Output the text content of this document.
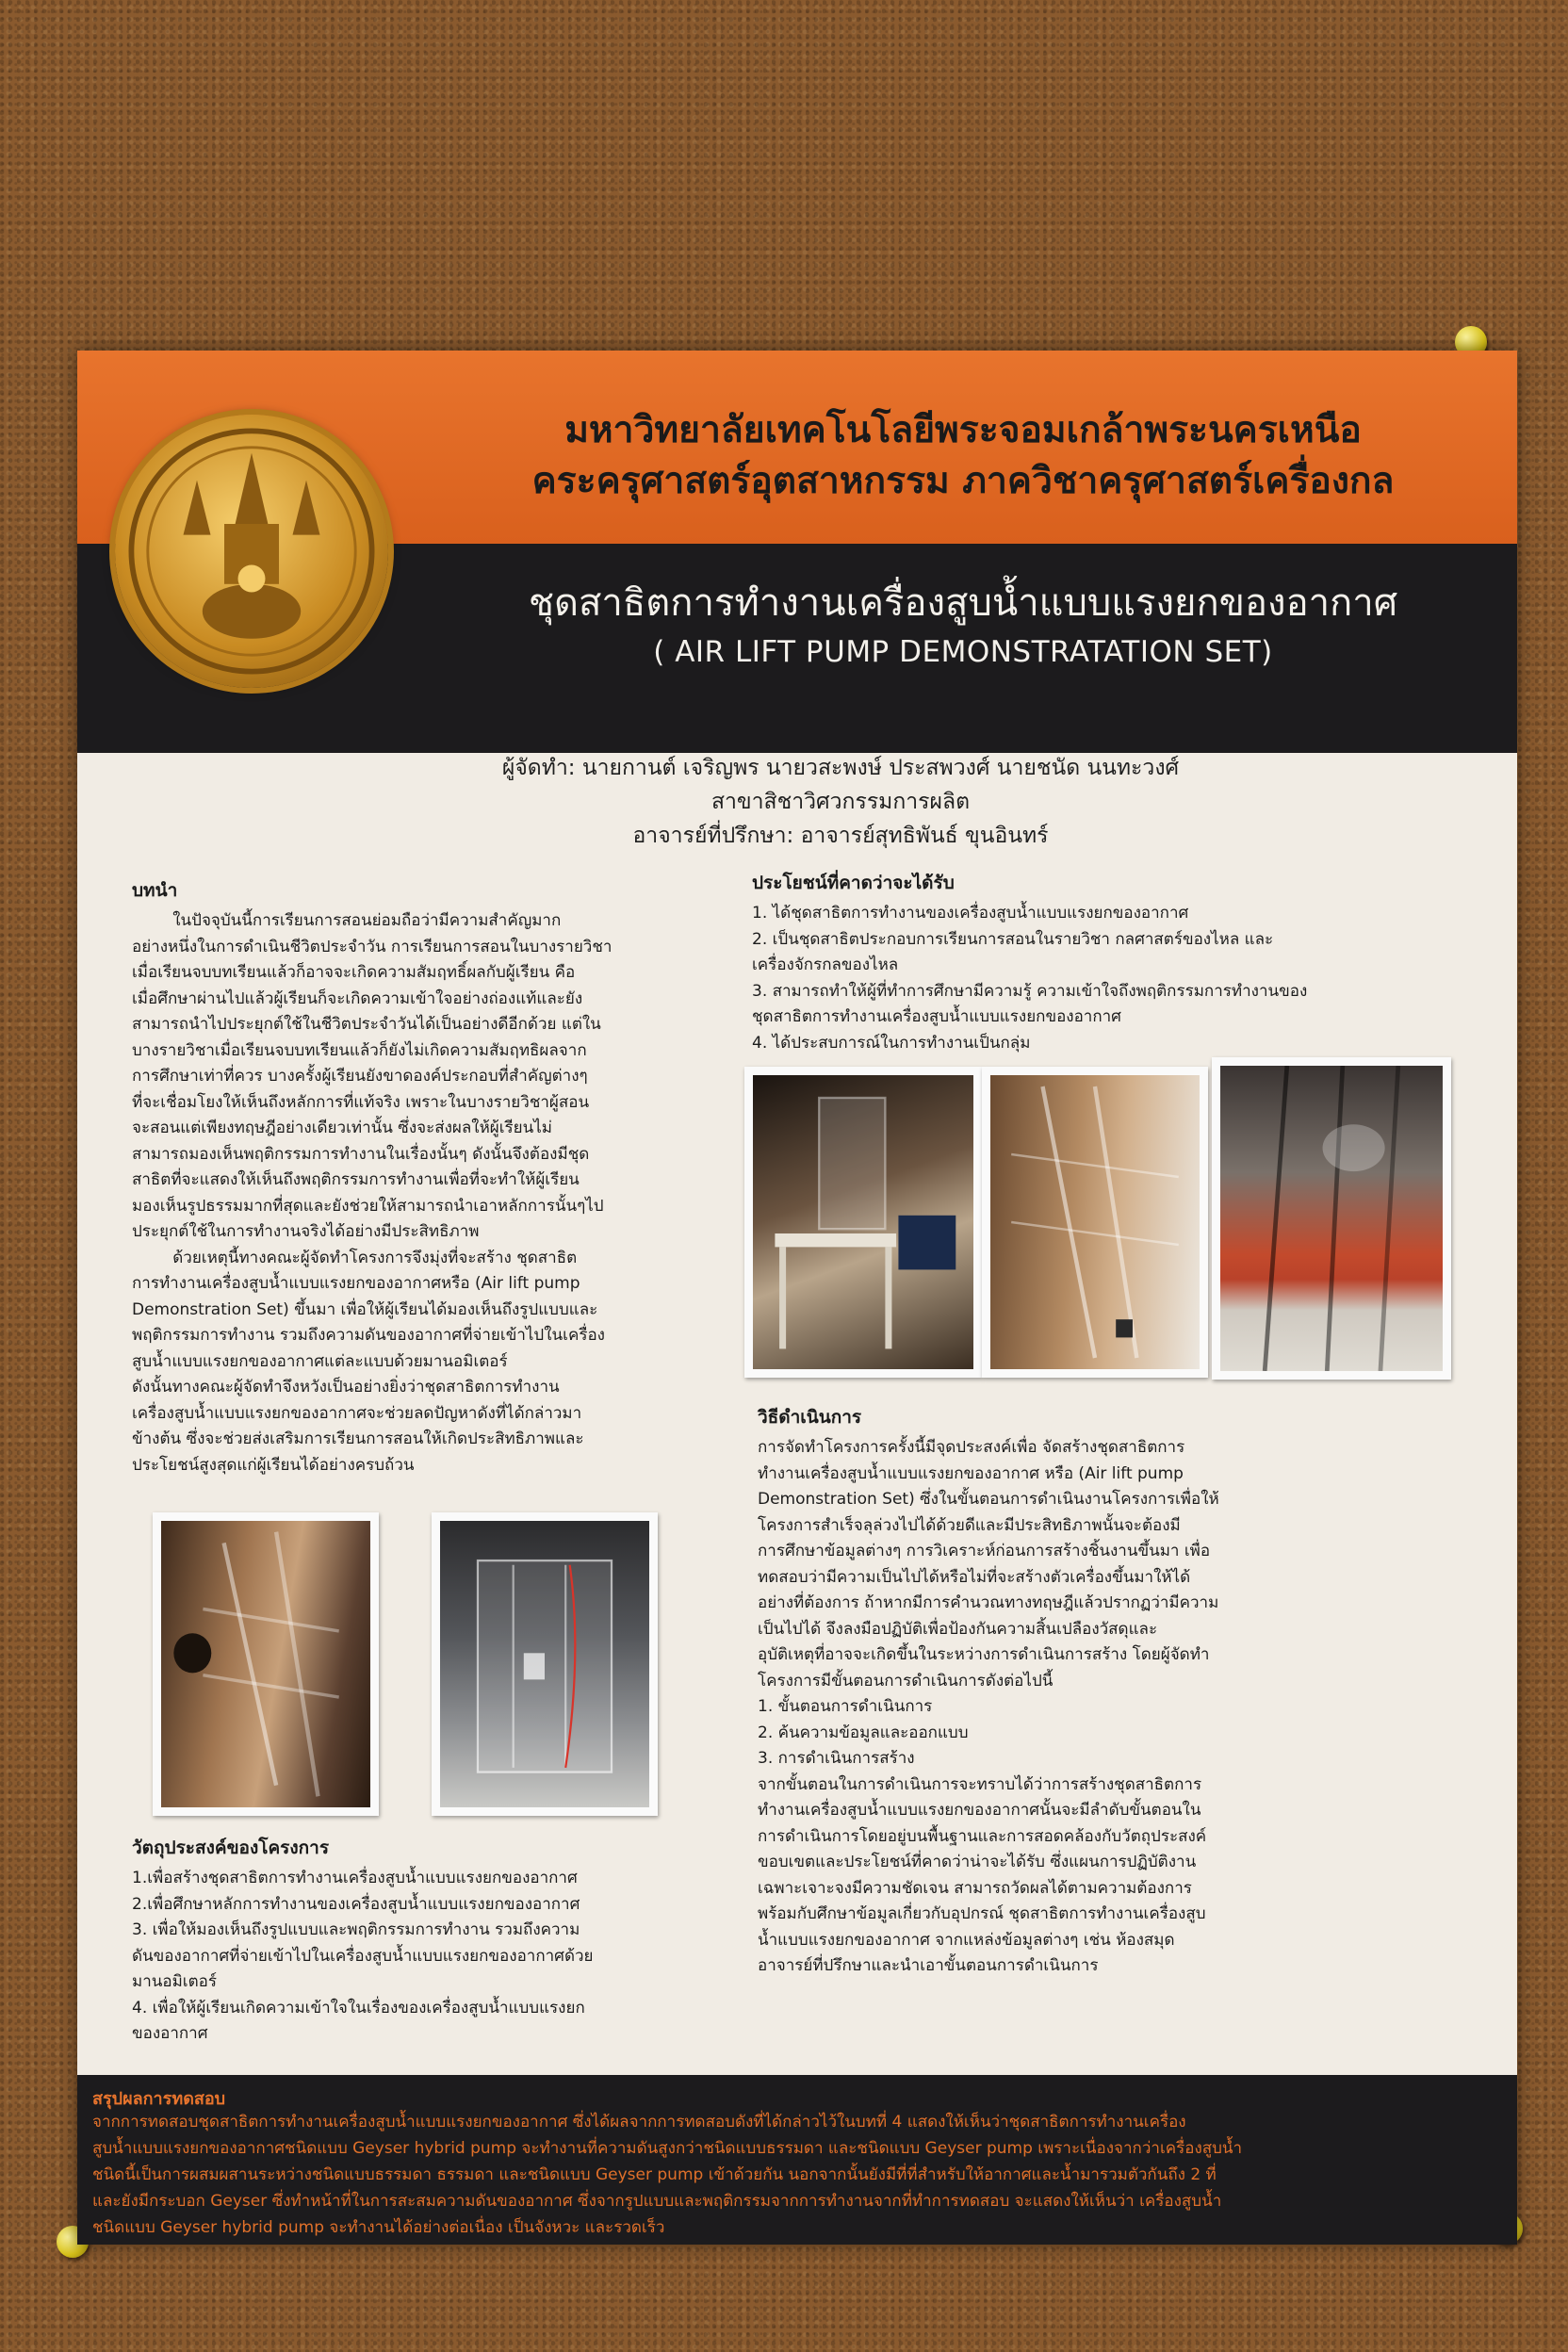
มหาวิทยาลัยเทคโนโลยีพระจอมเกล้าพระนครเหนือ
คระครุศาสตร์อุตสาหกรรม ภาควิชาครุศาสตร์เครื่องกล
ชุดสาธิตการทำงานเครื่องสูบน้ำแบบแรงยกของอากาศ
( AIR LIFT PUMP DEMONSTRATATION SET)
ผู้จัดทำ: นายกานต์ เจริญพร นายวสะพงษ์ ประสพวงศ์ นายชนัด นนทะวงศ์
สาขาสิชาวิศวกรรมการผลิต
อาจารย์ที่ปรึกษา: อาจารย์สุทธิพันธ์ ขุนอินทร์
บทนำ
ในปัจจุบันนี้การเรียนการสอนย่อมถือว่ามีความสำคัญมาก
อย่างหนึ่งในการดำเนินชีวิตประจำวัน การเรียนการสอนในบางรายวิชา
เมื่อเรียนจบบทเรียนแล้วก็อาจจะเกิดความสัมฤทธิ์ผลกับผู้เรียน คือ
เมื่อศึกษาผ่านไปแล้วผู้เรียนก็จะเกิดความเข้าใจอย่างถ่องแท้และยัง
สามารถนำไปประยุกต์ใช้ในชีวิตประจำวันได้เป็นอย่างดีอีกด้วย แต่ใน
บางรายวิชาเมื่อเรียนจบบทเรียนแล้วก็ยังไม่เกิดความสัมฤทธิผลจาก
การศึกษาเท่าที่ควร บางครั้งผู้เรียนยังขาดองค์ประกอบที่สำคัญต่างๆ
ที่จะเชื่อมโยงให้เห็นถึงหลักการที่แท้จริง เพราะในบางรายวิชาผู้สอน
จะสอนแต่เพียงทฤษฎีอย่างเดียวเท่านั้น ซึ่งจะส่งผลให้ผู้เรียนไม่
สามารถมองเห็นพฤติกรรมการทำงานในเรื่องนั้นๆ ดังนั้นจึงต้องมีชุด
สาธิตที่จะแสดงให้เห็นถึงพฤติกรรมการทำงานเพื่อที่จะทำให้ผู้เรียน
มองเห็นรูปธรรมมากที่สุดและยังช่วยให้สามารถนำเอาหลักการนั้นๆไป
ประยุกต์ใช้ในการทำงานจริงได้อย่างมีประสิทธิภาพ
ด้วยเหตุนี้ทางคณะผู้จัดทำโครงการจึงมุ่งที่จะสร้าง ชุดสาธิต
การทำงานเครื่องสูบน้ำแบบแรงยกของอากาศหรือ (Air lift pump
Demonstration Set) ขึ้นมา เพื่อให้ผู้เรียนได้มองเห็นถึงรูปแบบและ
พฤติกรรมการทำงาน รวมถึงความดันของอากาศที่จ่ายเข้าไปในเครื่อง
สูบน้ำแบบแรงยกของอากาศแต่ละแบบด้วยมานอมิเตอร์
ดังนั้นทางคณะผู้จัดทำจึงหวังเป็นอย่างยิ่งว่าชุดสาธิตการทำงาน
เครื่องสูบน้ำแบบแรงยกของอากาศจะช่วยลดปัญหาดังที่ได้กล่าวมา
ข้างต้น ซึ่งจะช่วยส่งเสริมการเรียนการสอนให้เกิดประสิทธิภาพและ
ประโยชน์สูงสุดแก่ผู้เรียนได้อย่างครบถ้วน
วัตถุประสงค์ของโครงการ
1.เพื่อสร้างชุดสาธิตการทำงานเครื่องสูบน้ำแบบแรงยกของอากาศ
2.เพื่อศึกษาหลักการทำงานของเครื่องสูบน้ำแบบแรงยกของอากาศ
3. เพื่อให้มองเห็นถึงรูปแบบและพฤติกรรมการทำงาน รวมถึงความ
ดันของอากาศที่จ่ายเข้าไปในเครื่องสูบน้ำแบบแรงยกของอากาศด้วย
มานอมิเตอร์
4. เพื่อให้ผู้เรียนเกิดความเข้าใจในเรื่องของเครื่องสูบน้ำแบบแรงยก
ของอากาศ
ประโยชน์ที่คาดว่าจะได้รับ
1. ได้ชุดสาธิตการทำงานของเครื่องสูบน้ำแบบแรงยกของอากาศ
2. เป็นชุดสาธิตประกอบการเรียนการสอนในรายวิชา กลศาสตร์ของไหล และ
เครื่องจักรกลของไหล
3. สามารถทำให้ผู้ที่ทำการศึกษามีความรู้ ความเข้าใจถึงพฤติกรรมการทำงานของ
ชุดสาธิตการทำงานเครื่องสูบน้ำแบบแรงยกของอากาศ
4. ได้ประสบการณ์ในการทำงานเป็นกลุ่ม
วิธีดำเนินการ
การจัดทำโครงการครั้งนี้มีจุดประสงค์เพื่อ จัดสร้างชุดสาธิตการ
ทำงานเครื่องสูบน้ำแบบแรงยกของอากาศ หรือ (Air lift pump
Demonstration Set) ซึ่งในขั้นตอนการดำเนินงานโครงการเพื่อให้
โครงการสำเร็จลุล่วงไปได้ด้วยดีและมีประสิทธิภาพนั้นจะต้องมี
การศึกษาข้อมูลต่างๆ การวิเคราะห์ก่อนการสร้างชิ้นงานขึ้นมา เพื่อ
ทดสอบว่ามีความเป็นไปได้หรือไม่ที่จะสร้างตัวเครื่องขึ้นมาให้ได้
อย่างที่ต้องการ ถ้าหากมีการคำนวณทางทฤษฎีแล้วปรากฏว่ามีความ
เป็นไปได้ จึงลงมือปฏิบัติเพื่อป้องกันความสิ้นเปลืองวัสดุและ
อุบัติเหตุที่อาจจะเกิดขึ้นในระหว่างการดำเนินการสร้าง โดยผู้จัดทำ
โครงการมีขั้นตอนการดำเนินการดังต่อไปนี้
1. ขั้นตอนการดำเนินการ
2. ค้นความข้อมูลและออกแบบ
3. การดำเนินการสร้าง
จากขั้นตอนในการดำเนินการจะทราบได้ว่าการสร้างชุดสาธิตการ
ทำงานเครื่องสูบน้ำแบบแรงยกของอากาศนั้นจะมีลำดับขั้นตอนใน
การดำเนินการโดยอยู่บนพื้นฐานและการสอดคล้องกับวัตถุประสงค์
ขอบเขตและประโยชน์ที่คาดว่าน่าจะได้รับ ซึ่งแผนการปฏิบัติงาน
เฉพาะเจาะจงมีความชัดเจน สามารถวัดผลได้ตามความต้องการ
พร้อมกับศึกษาข้อมูลเกี่ยวกับอุปกรณ์ ชุดสาธิตการทำงานเครื่องสูบ
น้ำแบบแรงยกของอากาศ จากแหล่งข้อมูลต่างๆ เช่น ห้องสมุด
อาจารย์ที่ปรึกษาและนำเอาขั้นตอนการดำเนินการ
สรุปผลการทดสอบ
จากการทดสอบชุดสาธิตการทำงานเครื่องสูบน้ำแบบแรงยกของอากาศ ซึ่งได้ผลจากการทดสอบดังที่ได้กล่าวไว้ในบทที่ 4 แสดงให้เห็นว่าชุดสาธิตการทำงานเครื่อง
สูบน้ำแบบแรงยกของอากาศชนิดแบบ Geyser hybrid pump จะทำงานที่ความดันสูงกว่าชนิดแบบธรรมดา และชนิดแบบ Geyser pump เพราะเนื่องจากว่าเครื่องสูบน้ำ
ชนิดนี้เป็นการผสมผสานระหว่างชนิดแบบธรรมดา ธรรมดา และชนิดแบบ Geyser pump เข้าด้วยกัน นอกจากนั้นยังมีที่ที่สำหรับให้อากาศและน้ำมารวมตัวกันถึง 2 ที่
และยังมีกระบอก Geyser ซึ่งทำหน้าที่ในการสะสมความดันของอากาศ ซึ่งจากรูปแบบและพฤติกรรมจากการทำงานจากที่ทำการทดสอบ จะแสดงให้เห็นว่า เครื่องสูบน้ำ
ชนิดแบบ Geyser hybrid pump จะทำงานได้อย่างต่อเนื่อง เป็นจังหวะ และรวดเร็ว
